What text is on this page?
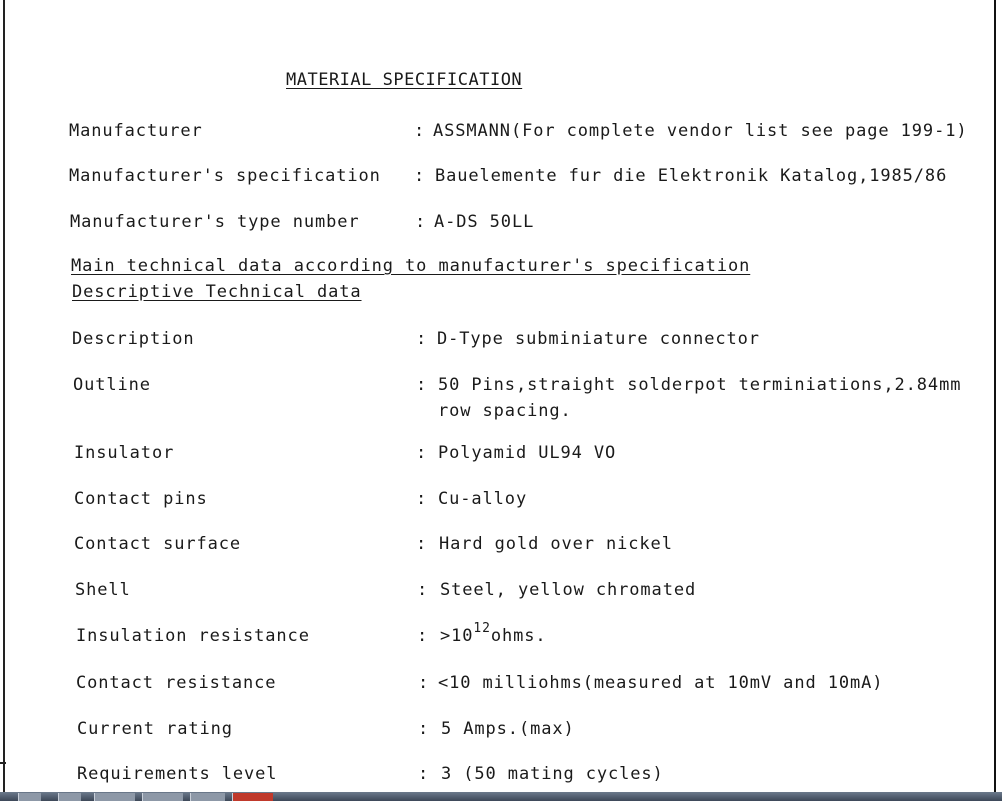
MATERIAL SPECIFICATION
Manufacturer	: ASSMANN(For complete vendor list see page 199-1)
Manufacturer's specification : Bauelemente fur die Elektronik Katalog,1985/86
Manufacturer's type number	: A-DS 50LL
Main technical data according to manufacturer's specification
Descriptive Technical data
Description	: D-Type subminiature connector
Outline	: 50 Pins,straight solderpot terminiations,2.84mm
row spacing.
Insulator	: Polyamid UL94 VO
Contact pins	: Cu-alloy
Contact surface	: Hard gold over nickel
Shell	: Steel, yellow chromated
Insulation resistance	: $>10^{12}ohms$.
Contact resistance	: <10 milliohms(measured at 10mV and 10mA)
Current rating	: 5 Amps.(max)
Requirements level	: 3 (50 mating cycles)
